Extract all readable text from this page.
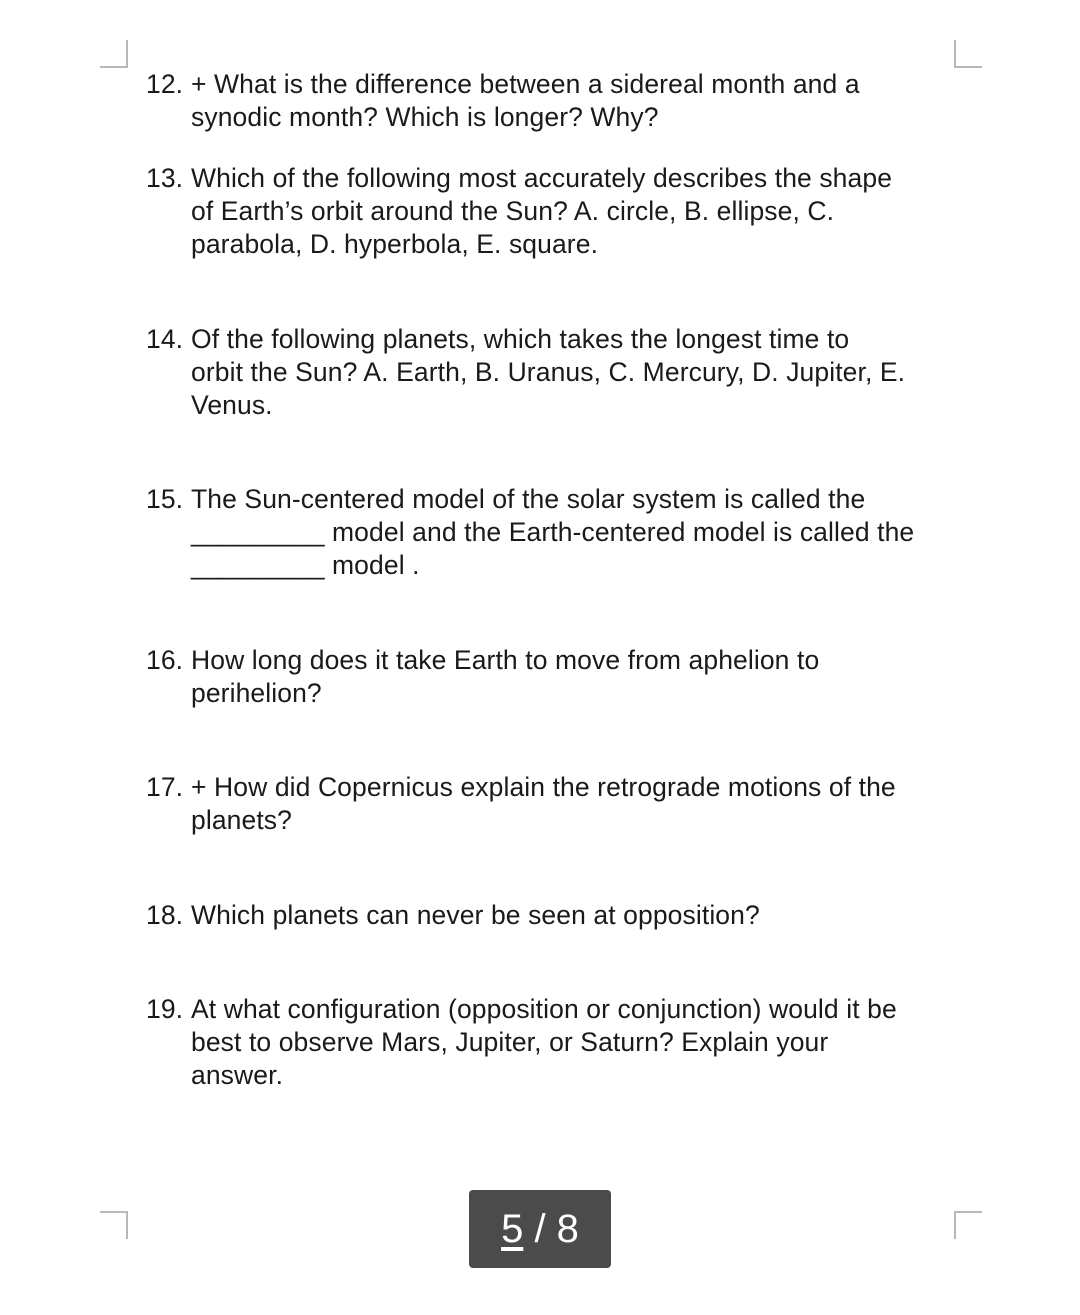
12. + What is the difference between a sidereal month and a
synodic month? Which is longer? Why?
13. Which of the following most accurately describes the shape
of Earth’s orbit around the Sun? A. circle, B. ellipse, C.
parabola, D. hyperbola, E. square.
14. Of the following planets, which takes the longest time to
orbit the Sun? A. Earth, B. Uranus, C. Mercury, D. Jupiter, E.
Venus.
15. The Sun-centered model of the solar system is called the
_________ model and the Earth-centered model is called the
_________ model .
16. How long does it take Earth to move from aphelion to
perihelion?
17. + How did Copernicus explain the retrograde motions of the
planets?
18. Which planets can never be seen at opposition?
19. At what configuration (opposition or conjunction) would it be
best to observe Mars, Jupiter, or Saturn? Explain your
answer.
5 / 8
